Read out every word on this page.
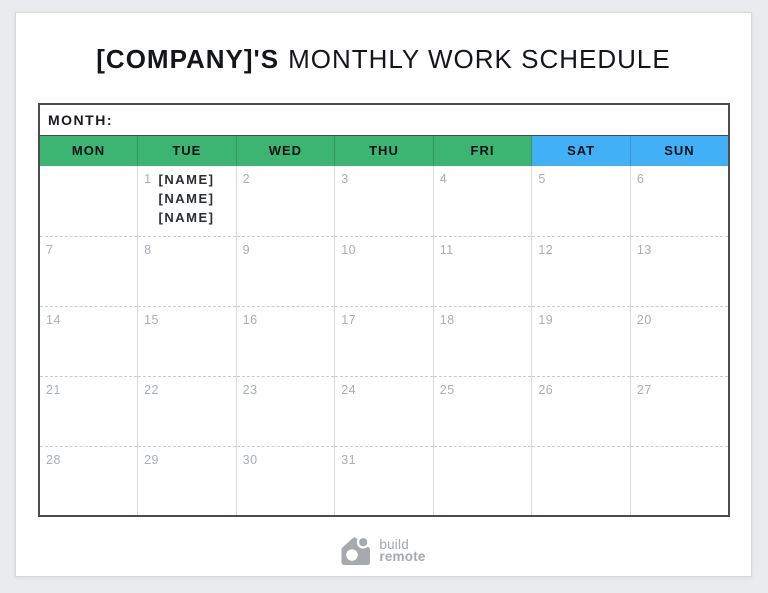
[COMPANY]'S MONTHLY WORK SCHEDULE
MONTH:						
MON	TUE	WED	THU	FRI	SAT	SUN

	1 [NAME]
[NAME]
[NAME]	2	3	4	5	6

7	8	9	10	11	12	13

14	15	16	17	18	19	20

21	22	23	24	25	26	27

28	29	30	31			

build
remote
